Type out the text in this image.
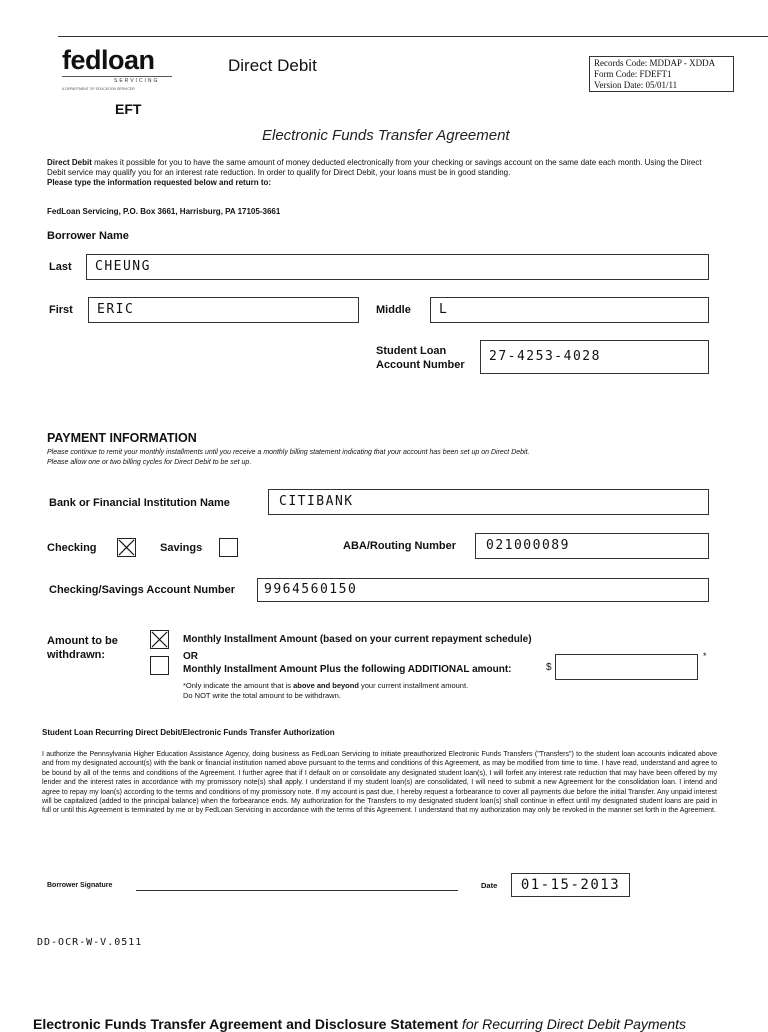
fedloan
SERVICING
A DEPARTMENT OF EDUCATION SERVICER
Direct Debit
EFT
Records Code: MDDAP - XDDA
Form Code: FDEFT1
Version Date: 05/01/11
Electronic Funds Transfer Agreement
Direct Debit makes it possible for you to have the same amount of money deducted electronically from your checking or savings account on the same date each month. Using the Direct Debit service may qualify you for an interest rate reduction. In order to qualify for Direct Debit, your loans must be in good standing.
Please type the information requested below and return to:
FedLoan Servicing, P.O. Box 3661, Harrisburg, PA 17105-3661
Borrower Name
Last	CHEUNG
First	ERIC	Middle	L
Student Loan
Account Number
27-4253-4028
PAYMENT INFORMATION
Please continue to remit your monthly installments until you receive a monthly billing statement indicating that your account has been set up on Direct Debit.
Please allow one or two billing cycles for Direct Debit to be set up.
Bank or Financial Institution Name	CITIBANK
Checking	Savings	ABA/Routing Number	021000089
Checking/Savings Account Number	9964560150
Amount to be
withdrawn:
Monthly Installment Amount (based on your current repayment schedule)
OR
Monthly Installment Amount Plus the following ADDITIONAL amount:	$
*
*Only indicate the amount that is above and beyond your current installment amount.
Do NOT write the total amount to be withdrawn.
Student Loan Recurring Direct Debit/Electronic Funds Transfer Authorization
I authorize the Pennsylvania Higher Education Assistance Agency, doing business as FedLoan Servicing to initiate preauthorized Electronic Funds Transfers ("Transfers") to the student loan accounts indicated above and from my designated account(s) with the bank or financial institution named above pursuant to the terms and conditions of this Agreement, as may be modified from time to time. I have read, understand and agree to be bound by all of the terms and conditions of the Agreement. I further agree that if I default on or consolidate any designated student loan(s), I will forfeit any interest rate reduction that may have been offered by my lender and the interest rates in accordance with my promissory note(s) shall apply. I understand if my student loan(s) are consolidated, I will need to submit a new Agreement for the consolidation loan. I intend and agree to repay my loan(s) according to the terms and conditions of my promissory note. If my account is past due, I hereby request a forbearance to cover all payments due before the initial Transfer. Any unpaid interest will be capitalized (added to the principal balance) when the forbearance ends. My authorization for the Transfers to my designated student loan(s) shall continue in effect until my designated student loans are paid in full or until this Agreement is terminated by me or by FedLoan Servicing in accordance with the terms of this Agreement. I understand that my authorization may only be revoked in the manner set forth in the Agreement.
Borrower Signature	Date	01-15-2013
DD-OCR-W-V.0511
Electronic Funds Transfer Agreement and Disclosure Statement for Recurring Direct Debit Payments
